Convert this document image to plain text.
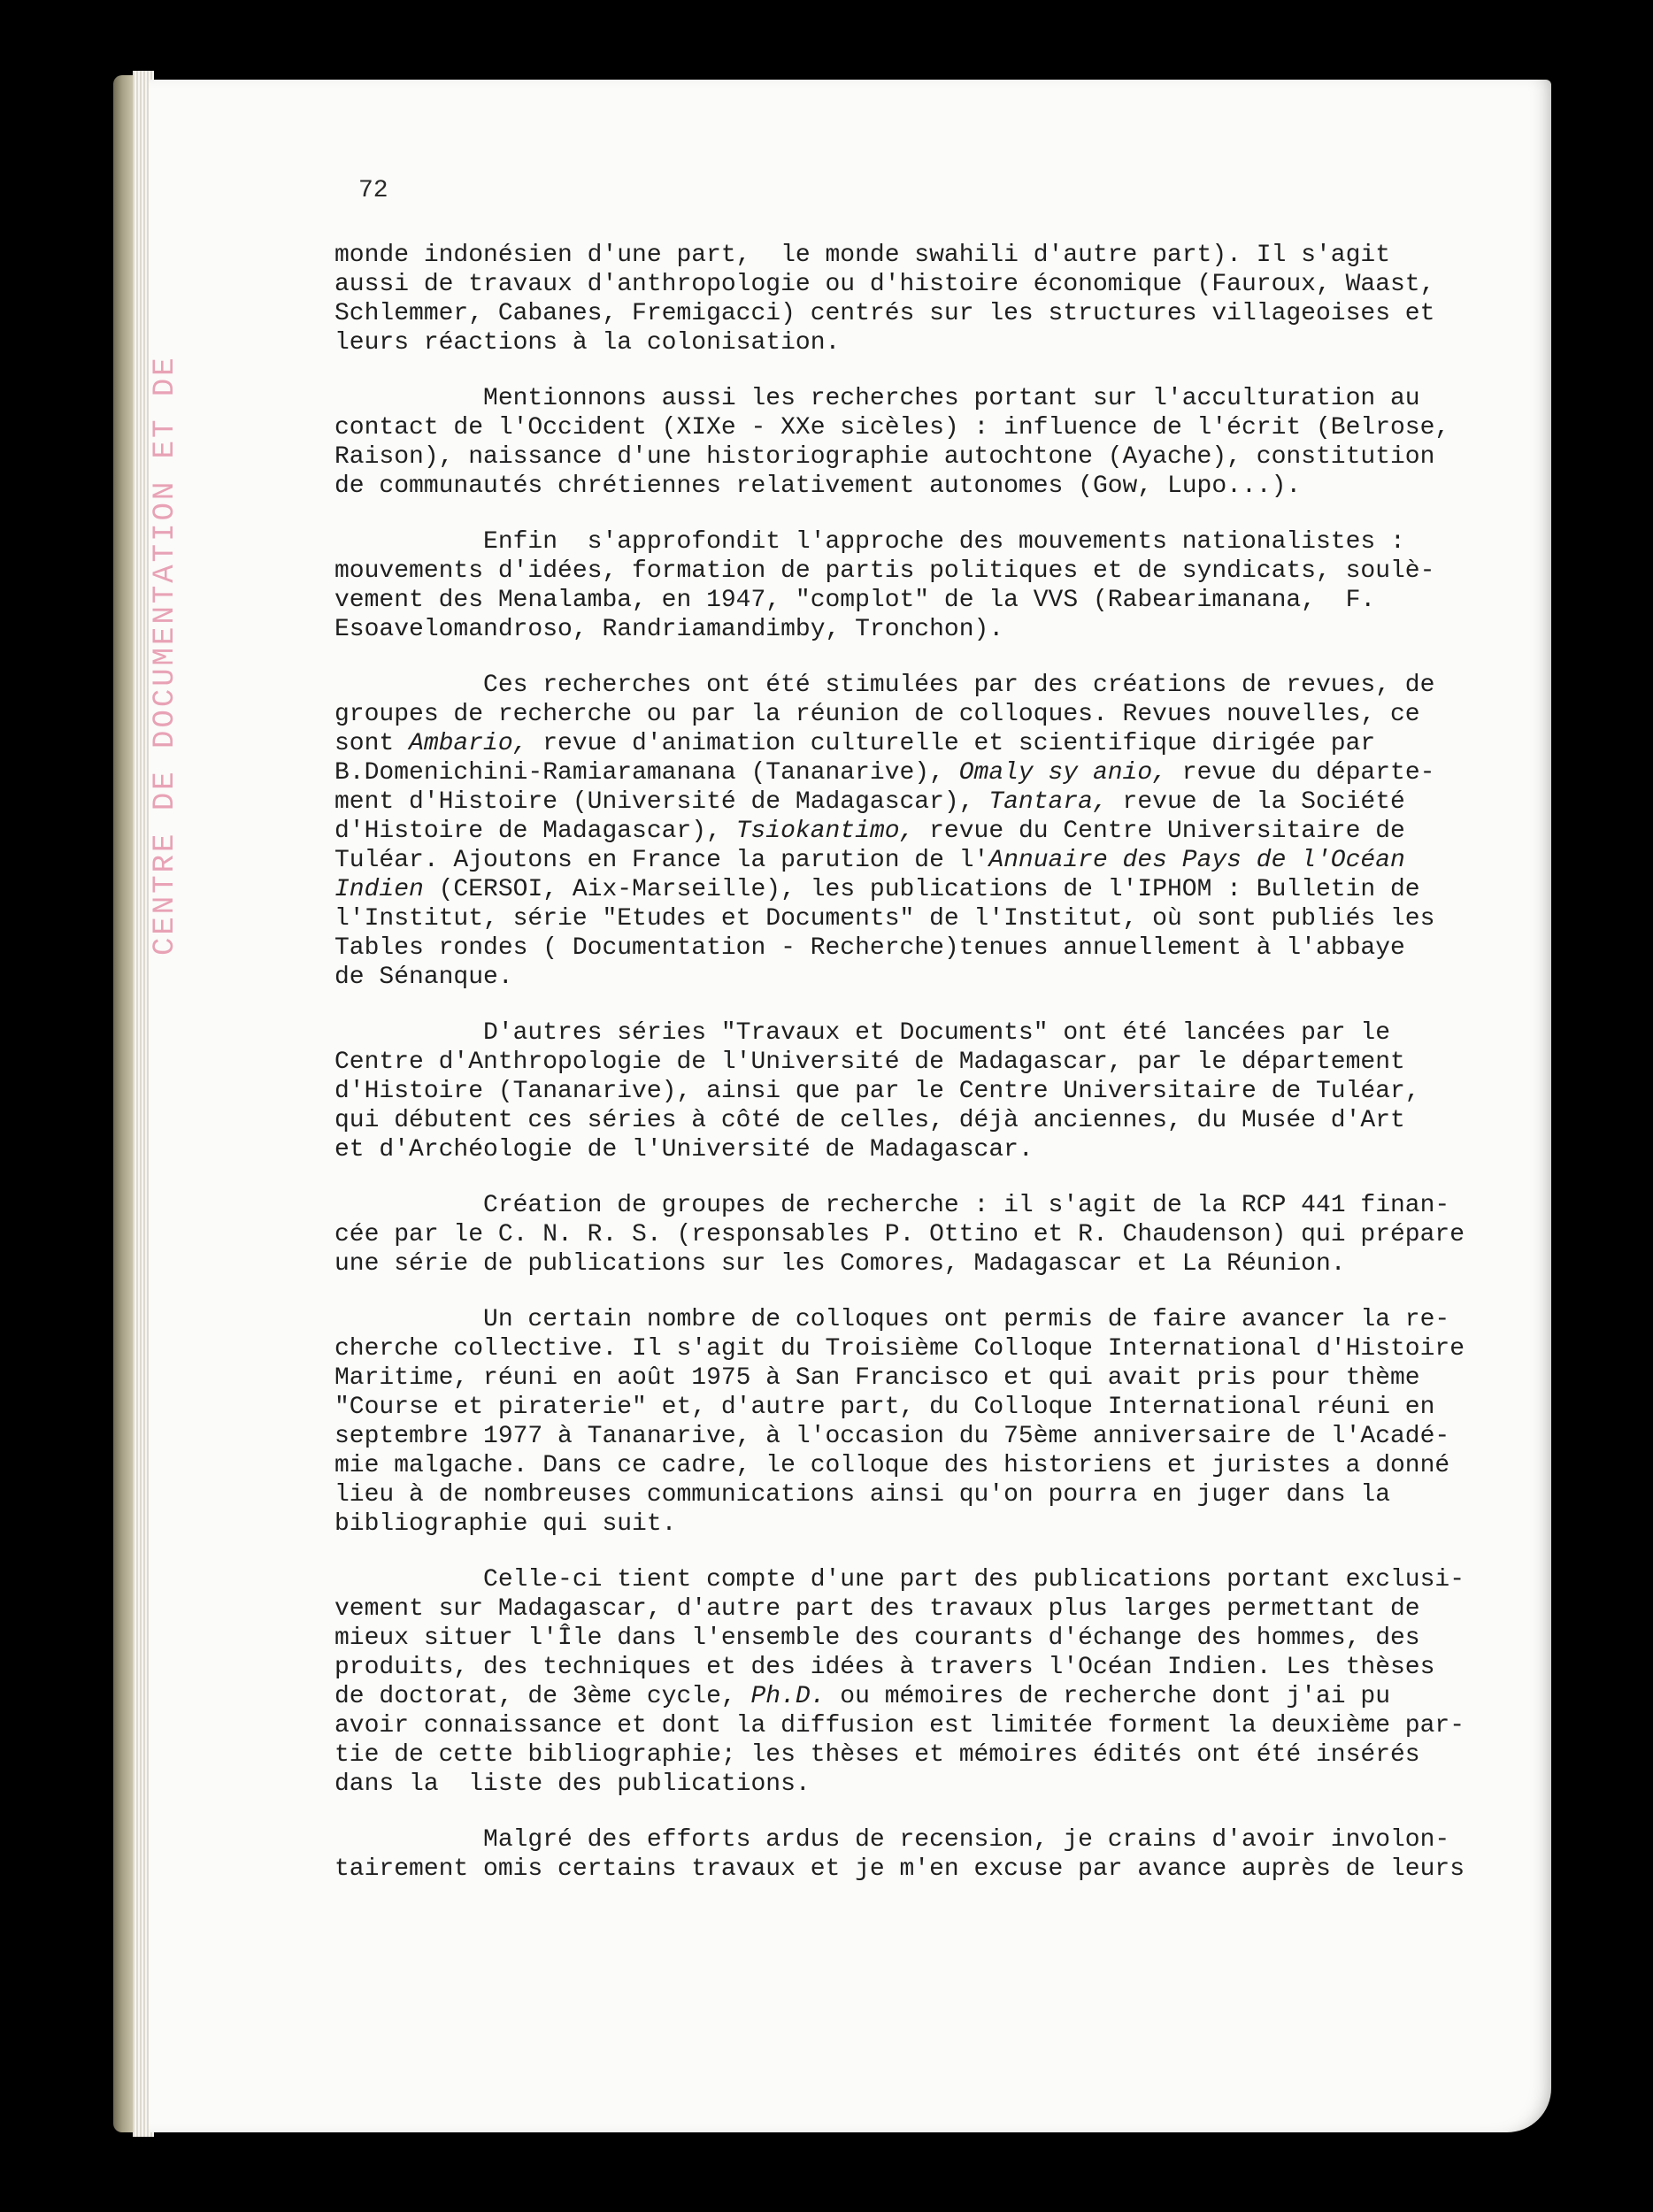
CENTRE DE DOCUMENTATION ET DE
72
monde indonésien d'une part,  le monde swahili d'autre part). Il s'agit
aussi de travaux d'anthropologie ou d'histoire économique (Fauroux, Waast,
Schlemmer, Cabanes, Fremigacci) centrés sur les structures villageoises et
leurs réactions à la colonisation.
Mentionnons aussi les recherches portant sur l'acculturation au
contact de l'Occident (XIXe - XXe sicèles) : influence de l'écrit (Belrose,
Raison), naissance d'une historiographie autochtone (Ayache), constitution
de communautés chrétiennes relativement autonomes (Gow, Lupo...).
Enfin  s'approfondit l'approche des mouvements nationalistes :
mouvements d'idées, formation de partis politiques et de syndicats, soulè-
vement des Menalamba, en 1947, "complot" de la VVS (Rabearimanana,  F.
Esoavelomandroso, Randriamandimby, Tronchon).
Ces recherches ont été stimulées par des créations de revues, de
groupes de recherche ou par la réunion de colloques. Revues nouvelles, ce
sont Ambario, revue d'animation culturelle et scientifique dirigée par
B.Domenichini-Ramiaramanana (Tananarive), Omaly sy anio, revue du départe-
ment d'Histoire (Université de Madagascar), Tantara, revue de la Société
d'Histoire de Madagascar), Tsiokantimo, revue du Centre Universitaire de
Tuléar. Ajoutons en France la parution de l'Annuaire des Pays de l'Océan
Indien (CERSOI, Aix-Marseille), les publications de l'IPHOM : Bulletin de
l'Institut, série "Etudes et Documents" de l'Institut, où sont publiés les
Tables rondes ( Documentation - Recherche)tenues annuellement à l'abbaye
de Sénanque.
D'autres séries "Travaux et Documents" ont été lancées par le
Centre d'Anthropologie de l'Université de Madagascar, par le département
d'Histoire (Tananarive), ainsi que par le Centre Universitaire de Tuléar,
qui débutent ces séries à côté de celles, déjà anciennes, du Musée d'Art
et d'Archéologie de l'Université de Madagascar.
Création de groupes de recherche : il s'agit de la RCP 441 finan-
cée par le C. N. R. S. (responsables P. Ottino et R. Chaudenson) qui prépare
une série de publications sur les Comores, Madagascar et La Réunion.
Un certain nombre de colloques ont permis de faire avancer la re-
cherche collective. Il s'agit du Troisième Colloque International d'Histoire
Maritime, réuni en août 1975 à San Francisco et qui avait pris pour thème
"Course et piraterie" et, d'autre part, du Colloque International réuni en
septembre 1977 à Tananarive, à l'occasion du 75ème anniversaire de l'Acadé-
mie malgache. Dans ce cadre, le colloque des historiens et juristes a donné
lieu à de nombreuses communications ainsi qu'on pourra en juger dans la
bibliographie qui suit.
Celle-ci tient compte d'une part des publications portant exclusi-
vement sur Madagascar, d'autre part des travaux plus larges permettant de
mieux situer l'Île dans l'ensemble des courants d'échange des hommes, des
produits, des techniques et des idées à travers l'Océan Indien. Les thèses
de doctorat, de 3ème cycle, Ph.D. ou mémoires de recherche dont j'ai pu
avoir connaissance et dont la diffusion est limitée forment la deuxième par-
tie de cette bibliographie; les thèses et mémoires édités ont été insérés
dans la  liste des publications.
Malgré des efforts ardus de recension, je crains d'avoir involon-
tairement omis certains travaux et je m'en excuse par avance auprès de leurs
